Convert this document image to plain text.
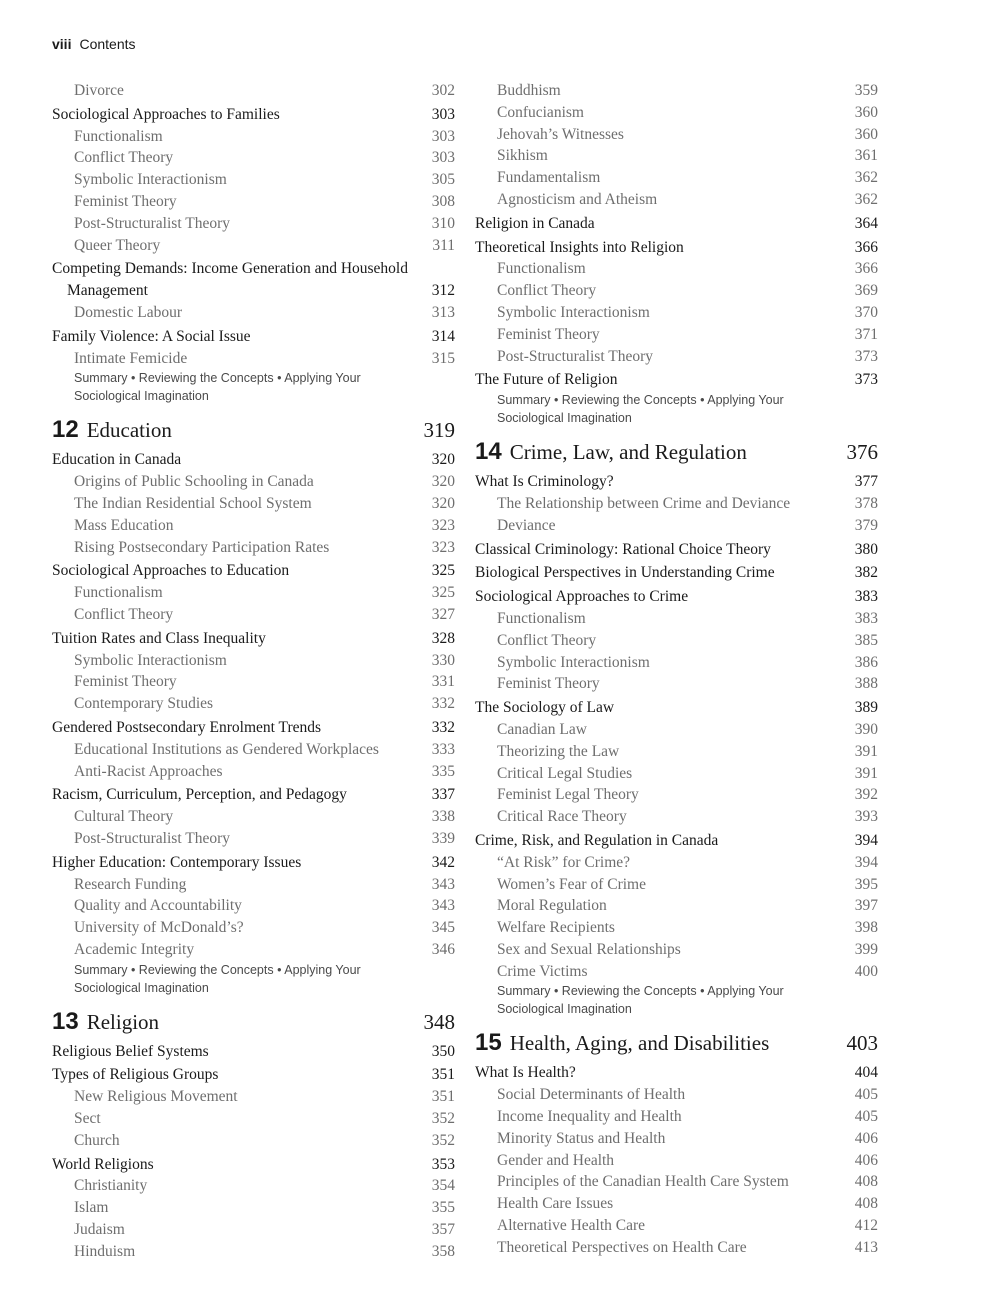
viii Contents
Divorce	302
Sociological Approaches to Families	303
Functionalism	303
Conflict Theory	303
Symbolic Interactionism	305
Feminist Theory	308
Post-Structuralist Theory	310
Queer Theory	311
Competing Demands: Income Generation and Household Management	312
Domestic Labour	313
Family Violence: A Social Issue	314
Intimate Femicide	315
Summary • Reviewing the Concepts • Applying Your Sociological Imagination
12 Education	319
Education in Canada	320
Origins of Public Schooling in Canada	320
The Indian Residential School System	320
Mass Education	323
Rising Postsecondary Participation Rates	323
Sociological Approaches to Education	325
Functionalism	325
Conflict Theory	327
Tuition Rates and Class Inequality	328
Symbolic Interactionism	330
Feminist Theory	331
Contemporary Studies	332
Gendered Postsecondary Enrolment Trends	332
Educational Institutions as Gendered Workplaces	333
Anti-Racist Approaches	335
Racism, Curriculum, Perception, and Pedagogy	337
Cultural Theory	338
Post-Structuralist Theory	339
Higher Education: Contemporary Issues	342
Research Funding	343
Quality and Accountability	343
University of McDonald’s?	345
Academic Integrity	346
Summary • Reviewing the Concepts • Applying Your Sociological Imagination
13 Religion	348
Religious Belief Systems	350
Types of Religious Groups	351
New Religious Movement	351
Sect	352
Church	352
World Religions	353
Christianity	354
Islam	355
Judaism	357
Hinduism	358
Buddhism	359
Confucianism	360
Jehovah’s Witnesses	360
Sikhism	361
Fundamentalism	362
Agnosticism and Atheism	362
Religion in Canada	364
Theoretical Insights into Religion	366
Functionalism	366
Conflict Theory	369
Symbolic Interactionism	370
Feminist Theory	371
Post-Structuralist Theory	373
The Future of Religion	373
Summary • Reviewing the Concepts • Applying Your Sociological Imagination
14 Crime, Law, and Regulation	376
What Is Criminology?	377
The Relationship between Crime and Deviance	378
Deviance	379
Classical Criminology: Rational Choice Theory	380
Biological Perspectives in Understanding Crime	382
Sociological Approaches to Crime	383
Functionalism	383
Conflict Theory	385
Symbolic Interactionism	386
Feminist Theory	388
The Sociology of Law	389
Canadian Law	390
Theorizing the Law	391
Critical Legal Studies	391
Feminist Legal Theory	392
Critical Race Theory	393
Crime, Risk, and Regulation in Canada	394
“At Risk” for Crime?	394
Women’s Fear of Crime	395
Moral Regulation	397
Welfare Recipients	398
Sex and Sexual Relationships	399
Crime Victims	400
Summary • Reviewing the Concepts • Applying Your Sociological Imagination
15 Health, Aging, and Disabilities	403
What Is Health?	404
Social Determinants of Health	405
Income Inequality and Health	405
Minority Status and Health	406
Gender and Health	406
Principles of the Canadian Health Care System	408
Health Care Issues	408
Alternative Health Care	412
Theoretical Perspectives on Health Care	413
